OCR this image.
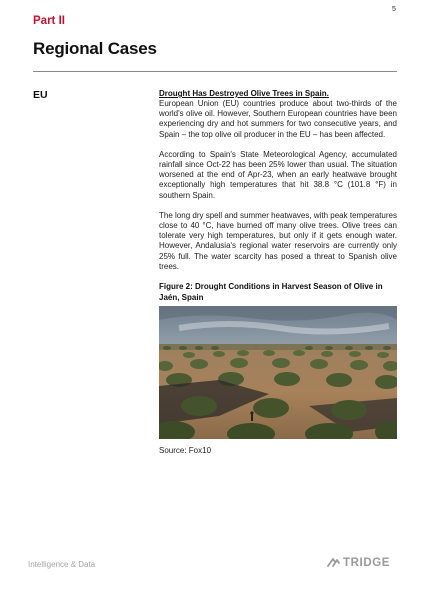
5
Part II
Regional Cases
EU	Drought Has Destroyed Olive Trees in Spain.

European Union (EU) countries produce about two-thirds of the world's olive oil. However, Southern European countries have been experiencing dry and hot summers for two consecutive years, and Spain – the top olive oil producer in the EU – has been affected.

According to Spain's State Meteorological Agency, accumulated rainfall since Oct-22 has been 25% lower than usual. The situation worsened at the end of Apr-23, when an early heatwave brought exceptionally high temperatures that hit 38.8 °C (101.8 °F) in southern Spain.

The long dry spell and summer heatwaves, with peak temperatures close to 40 °C, have burned off many olive trees. Olive trees can tolerate very high temperatures, but only if it gets enough water. However, Andalusia's regional water reservoirs are currently only 25% full. The water scarcity has posed a threat to Spanish olive trees.

Figure 2: Drought Conditions in Harvest Season of Olive in Jaén, Spain
Source: Fox10
Intelligence & Data	TRIDGE
